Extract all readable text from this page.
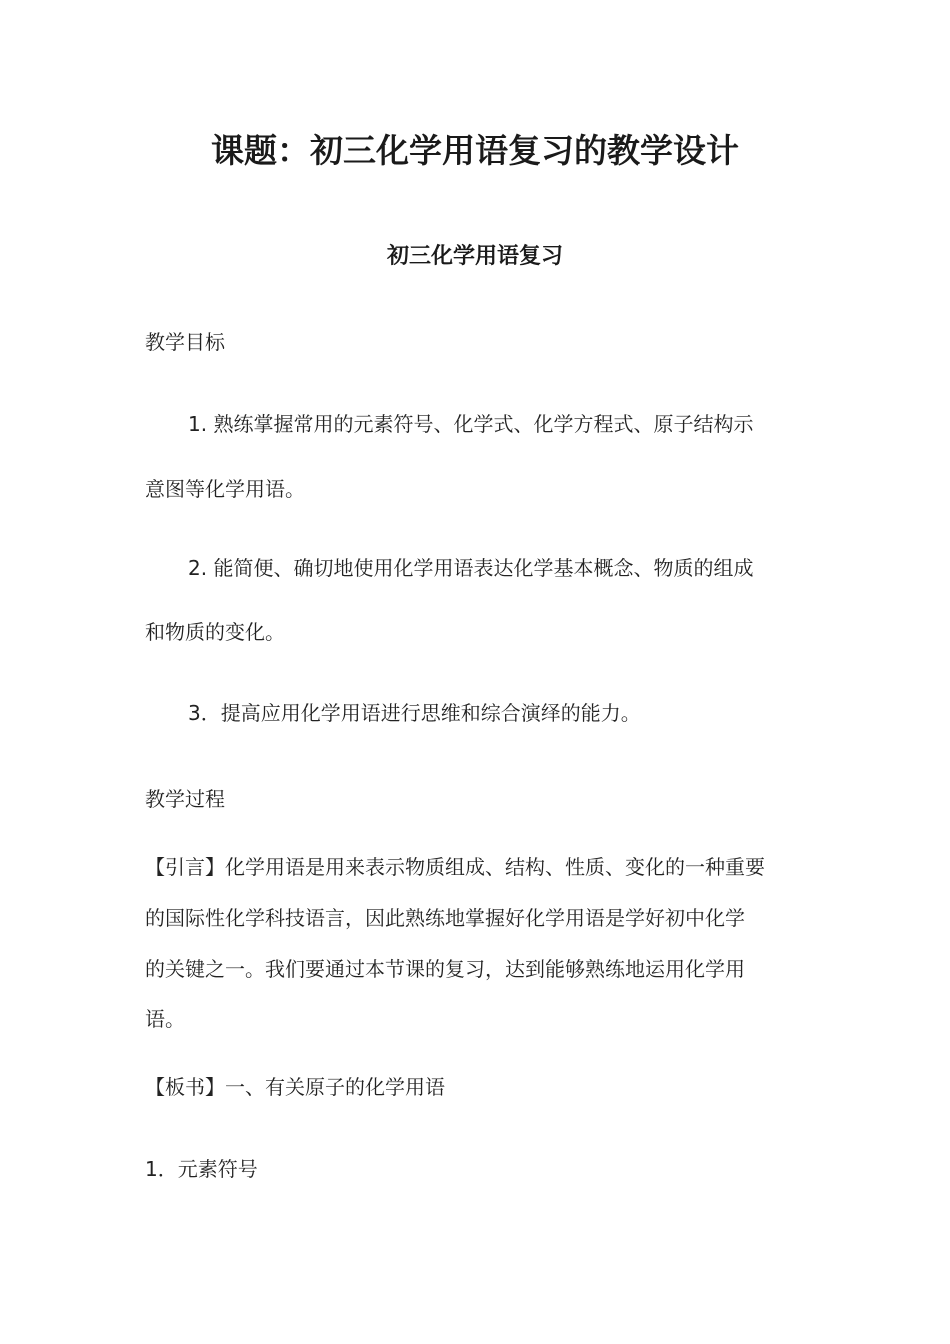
课题：初三化学用语复习的教学设计
初三化学用语复习
教学目标
1. 熟练掌握常用的元素符号、化学式、化学方程式、原子结构示
意图等化学用语。
2. 能简便、确切地使用化学用语表达化学基本概念、物质的组成
和物质的变化。
3．提高应用化学用语进行思维和综合演绎的能力。
教学过程
【引言】化学用语是用来表示物质组成、结构、性质、变化的一种重要
的国际性化学科技语言，因此熟练地掌握好化学用语是学好初中化学
的关键之一。我们要通过本节课的复习，达到能够熟练地运用化学用
语。
【板书】一、有关原子的化学用语
1．元素符号
